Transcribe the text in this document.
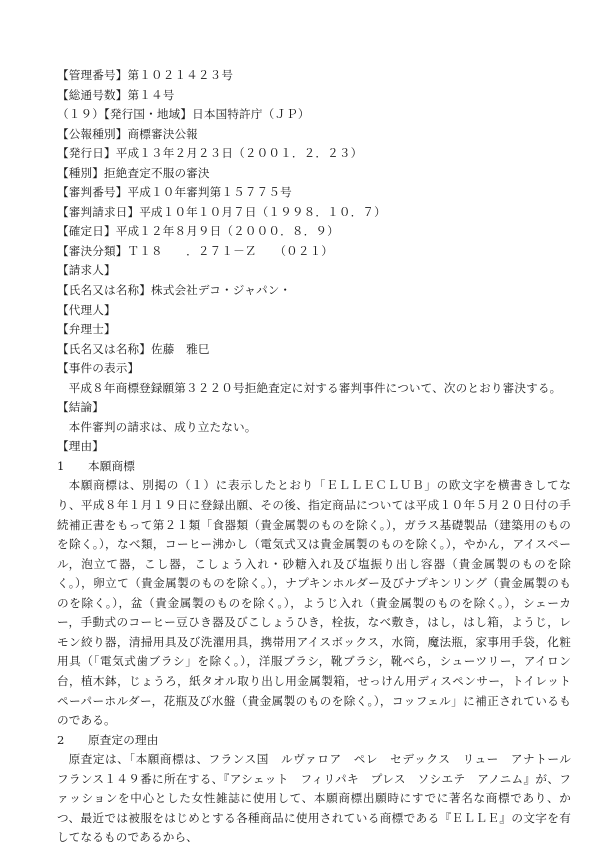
【管理番号】第１０２１４２３号
【総通号数】第１４号
（１９）【発行国・地域】日本国特許庁（ＪＰ）
【公報種別】商標審決公報
【発行日】平成１３年２月２３日（２００１．２．２３）
【種別】拒絶査定不服の審決
【審判番号】平成１０年審判第１５７７５号
【審判請求日】平成１０年１０月７日（１９９８．１０．７）
【確定日】平成１２年８月９日（２０００．８．９）
【審決分類】Ｔ１８　　．２７１－Ｚ　　（０２１）
【請求人】
【氏名又は名称】株式会社デコ・ジャパン・
【代理人】
【弁理士】
【氏名又は名称】佐藤　雅巳
【事件の表示】
平成８年商標登録願第３２２０号拒絶査定に対する審判事件について、次のとおり審決する。
【結論】
本件審判の請求は、成り立たない。
【理由】
1　　本願商標
本願商標は、別掲の（１）に表示したとおり「ＥＬＬＥＣＬＵＢ」の欧文字を横書きしてなり、平成８年１月１９日に登録出願、その後、指定商品については平成１０年５月２０日付の手続補正書をもって第２１類「食器類（貴金属製のものを除く。），ガラス基礎製品（建築用のものを除く。），なべ類，コーヒー沸かし（電気式又は貴金属製のものを除く。），やかん，アイスペール，泡立て器，こし器，こしょう入れ・砂糖入れ及び塩振り出し容器（貴金属製のものを除く。），卵立て（貴金属製のものを除く。），ナプキンホルダー及びナプキンリング（貴金属製のものを除く。），盆（貴金属製のものを除く。），ようじ入れ（貴金属製のものを除く。），シェーカー，手動式のコーヒー豆ひき器及びこしょうひき，栓抜，なべ敷き，はし，はし箱，ようじ，レモン絞り器，清掃用具及び洗濯用具，携帯用アイスボックス，水筒，魔法瓶，家事用手袋，化粧用具（「電気式歯ブラシ」を除く。），洋服ブラシ，靴ブラシ，靴べら，シューツリー，アイロン台，植木鉢，じょうろ，紙タオル取り出し用金属製箱，せっけん用ディスペンサー，トイレットペーパーホルダー，花瓶及び水盤（貴金属製のものを除く。），コッフェル」に補正されているものである。
2　　原査定の理由
原査定は、「本願商標は、フランス国　ルヴァロア　ペレ　セデックス　リュー　アナトール　フランス１４９番に所在する、『アシェット　フィリパキ　プレス　ソシエテ　アノニム』が、ファッションを中心とした女性雑誌に使用して、本願商標出願時にすでに著名な商標であり、かつ、最近では被服をはじめとする各種商品に使用されている商標である『ＥＬＬＥ』の文字を有してなるものであるから、
